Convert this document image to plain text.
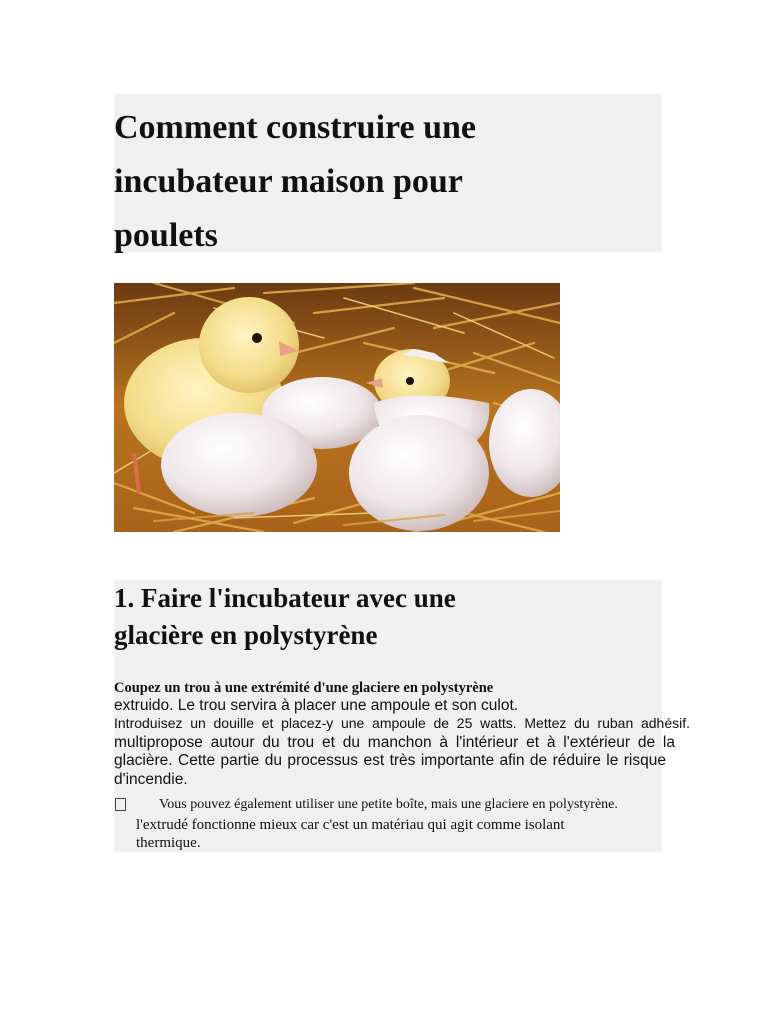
Comment construire une incubateur maison pour poulets
1. Faire l'incubateur avec une glacière en polystyrène
Coupez un trou à une extrémité d'une glaciere en polystyrène
extruido. Le trou servira à placer une ampoule et son culot.
Introduisez un douille et placez-y une ampoule de 25 watts. Mettez du ruban adhésif.
multipropose autour du trou et du manchon à l'intérieur et à l'extérieur de la
glacière. Cette partie du processus est très importante afin de réduire le risque
d'incendie.
Vous pouvez également utiliser une petite boîte, mais une glaciere en polystyrène.
l'extrudé fonctionne mieux car c'est un matériau qui agit comme isolant
thermique.
